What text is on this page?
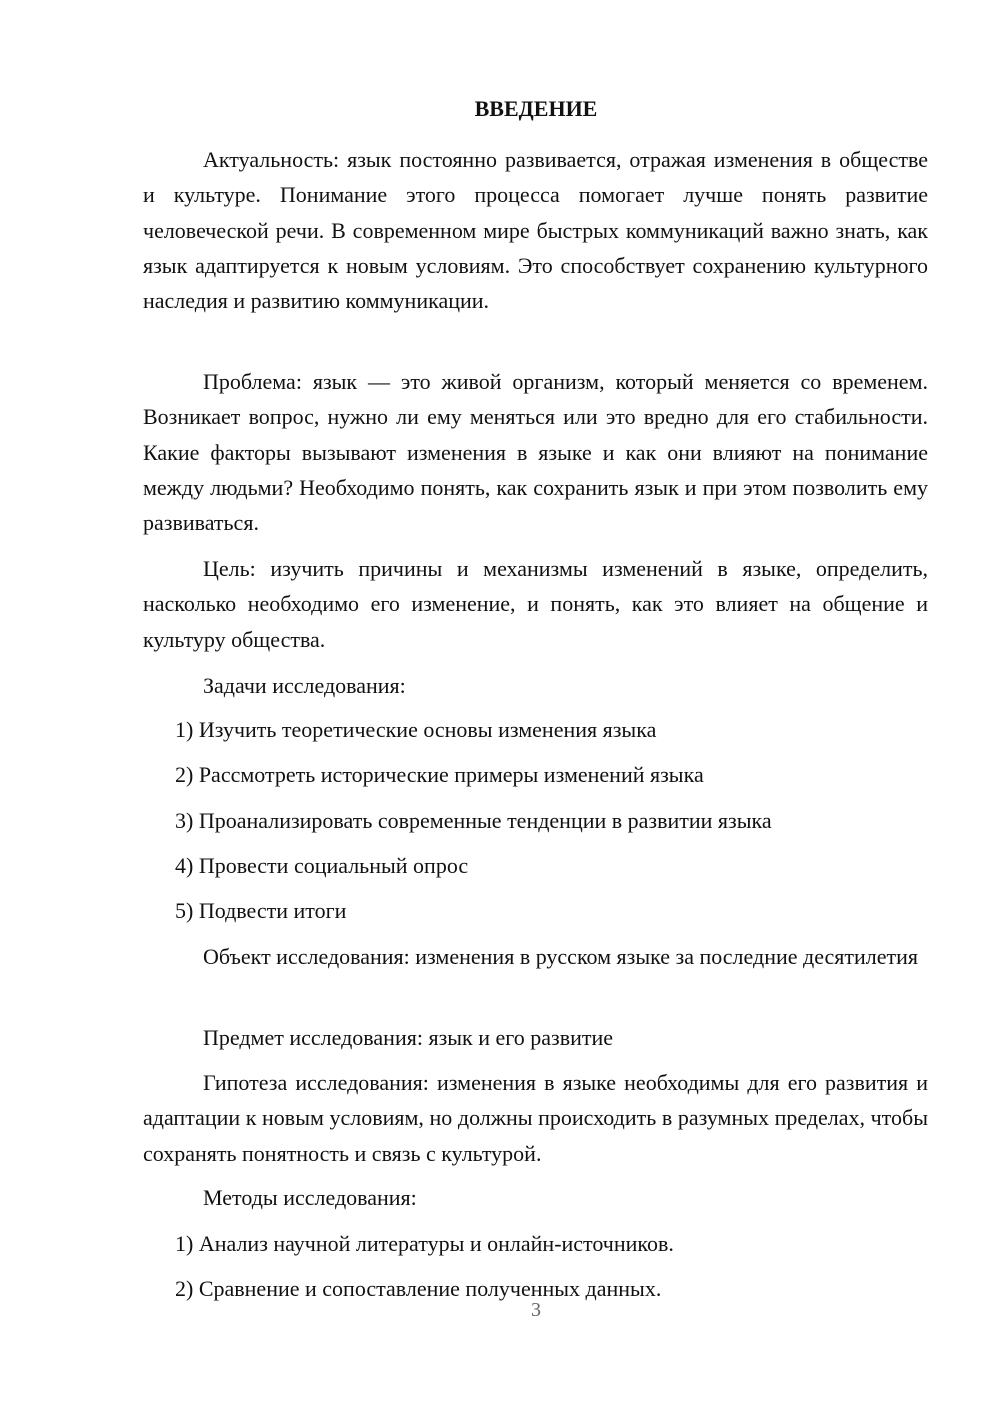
ВВЕДЕНИЕ

Актуальность: язык постоянно развивается, отражая изменения в обществе и культуре. Понимание этого процесса помогает лучше понять развитие человеческой речи. В современном мире быстрых коммуникаций важно знать, как язык адаптируется к новым условиям. Это способствует сохранению культурного наследия и развитию коммуникации.

Проблема: язык — это живой организм, который меняется со временем. Возникает вопрос, нужно ли ему меняться или это вредно для его стабильности. Какие факторы вызывают изменения в языке и как они влияют на понимание между людьми? Необходимо понять, как сохранить язык и при этом позволить ему развиваться.

Цель: изучить причины и механизмы изменений в языке, определить, насколько необходимо его изменение, и понять, как это влияет на общение и культуру общества.

Задачи исследования:
1) Изучить теоретические основы изменения языка
2) Рассмотреть исторические примеры изменений языка
3) Проанализировать современные тенденции в развитии языка
4) Провести социальный опрос
5) Подвести итоги

Объект исследования: изменения в русском языке за последние десятилетия

Предмет исследования: язык и его развитие

Гипотеза исследования: изменения в языке необходимы для его развития и адаптации к новым условиям, но должны происходить в разумных пределах, чтобы сохранять понятность и связь с культурой.

Методы исследования:
1) Анализ научной литературы и онлайн-источников.
2) Сравнение и сопоставление полученных данных.
3
